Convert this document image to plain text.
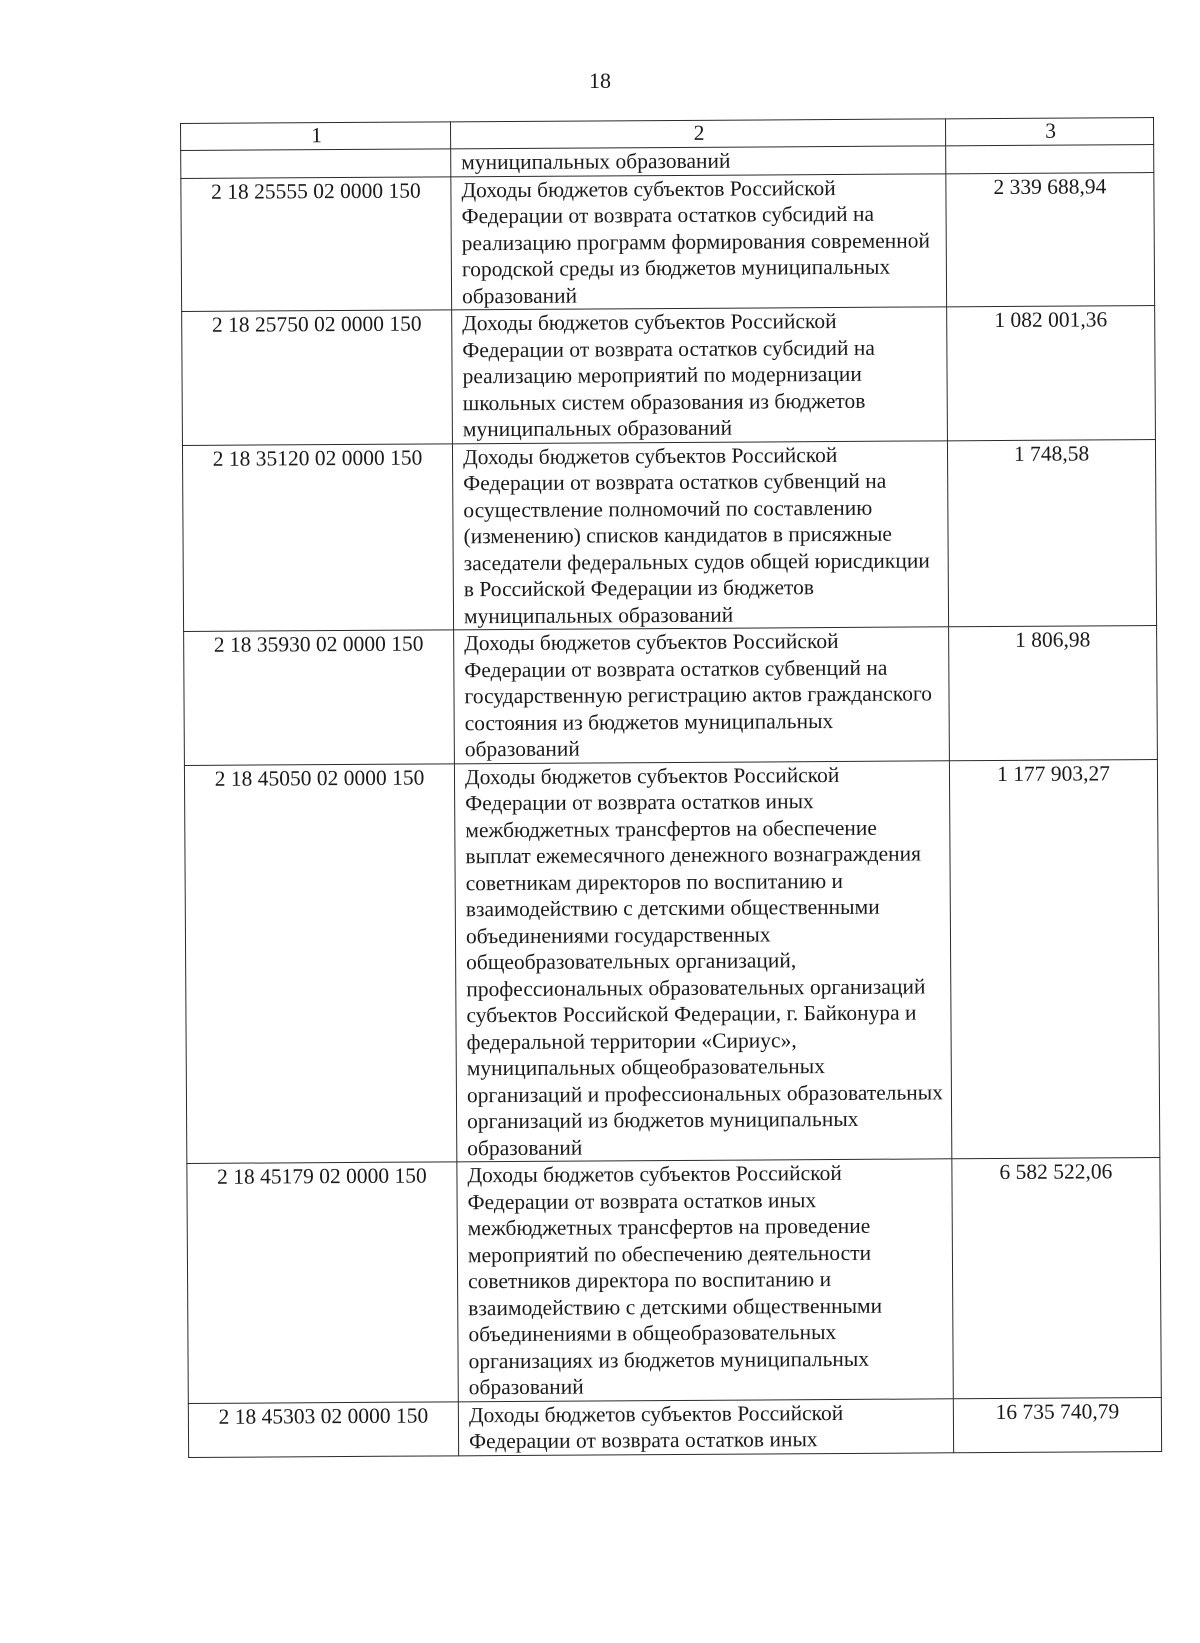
18
1	2	3
	муниципальных образований	
2 18 25555 02 0000 150	Доходы бюджетов субъектов Российской Федерации от возврата остатков субсидий на реализацию программ формирования современной городской среды из бюджетов муниципальных образований	2 339 688,94
2 18 25750 02 0000 150	Доходы бюджетов субъектов Российской Федерации от возврата остатков субсидий на реализацию мероприятий по модернизации школьных систем образования из бюджетов муниципальных образований	1 082 001,36
2 18 35120 02 0000 150	Доходы бюджетов субъектов Российской Федерации от возврата остатков субвенций на осуществление полномочий по составлению (изменению) списков кандидатов в присяжные заседатели федеральных судов общей юрисдикции в Российской Федерации из бюджетов муниципальных образований	1 748,58
2 18 35930 02 0000 150	Доходы бюджетов субъектов Российской Федерации от возврата остатков субвенций на государственную регистрацию актов гражданского состояния из бюджетов муниципальных образований	1 806,98
2 18 45050 02 0000 150	Доходы бюджетов субъектов Российской Федерации от возврата остатков иных межбюджетных трансфертов на обеспечение выплат ежемесячного денежного вознаграждения советникам директоров по воспитанию и взаимодействию с детскими общественными объединениями государственных общеобразовательных организаций, профессиональных образовательных организаций субъектов Российской Федерации, г. Байконура и федеральной территории «Сириус», муниципальных общеобразовательных организаций и профессиональных образовательных организаций из бюджетов муниципальных образований	1 177 903,27
2 18 45179 02 0000 150	Доходы бюджетов субъектов Российской Федерации от возврата остатков иных межбюджетных трансфертов на проведение мероприятий по обеспечению деятельности советников директора по воспитанию и взаимодействию с детскими общественными объединениями в общеобразовательных организациях из бюджетов муниципальных образований	6 582 522,06
2 18 45303 02 0000 150	Доходы бюджетов субъектов Российской Федерации от возврата остатков иных	16 735 740,79
